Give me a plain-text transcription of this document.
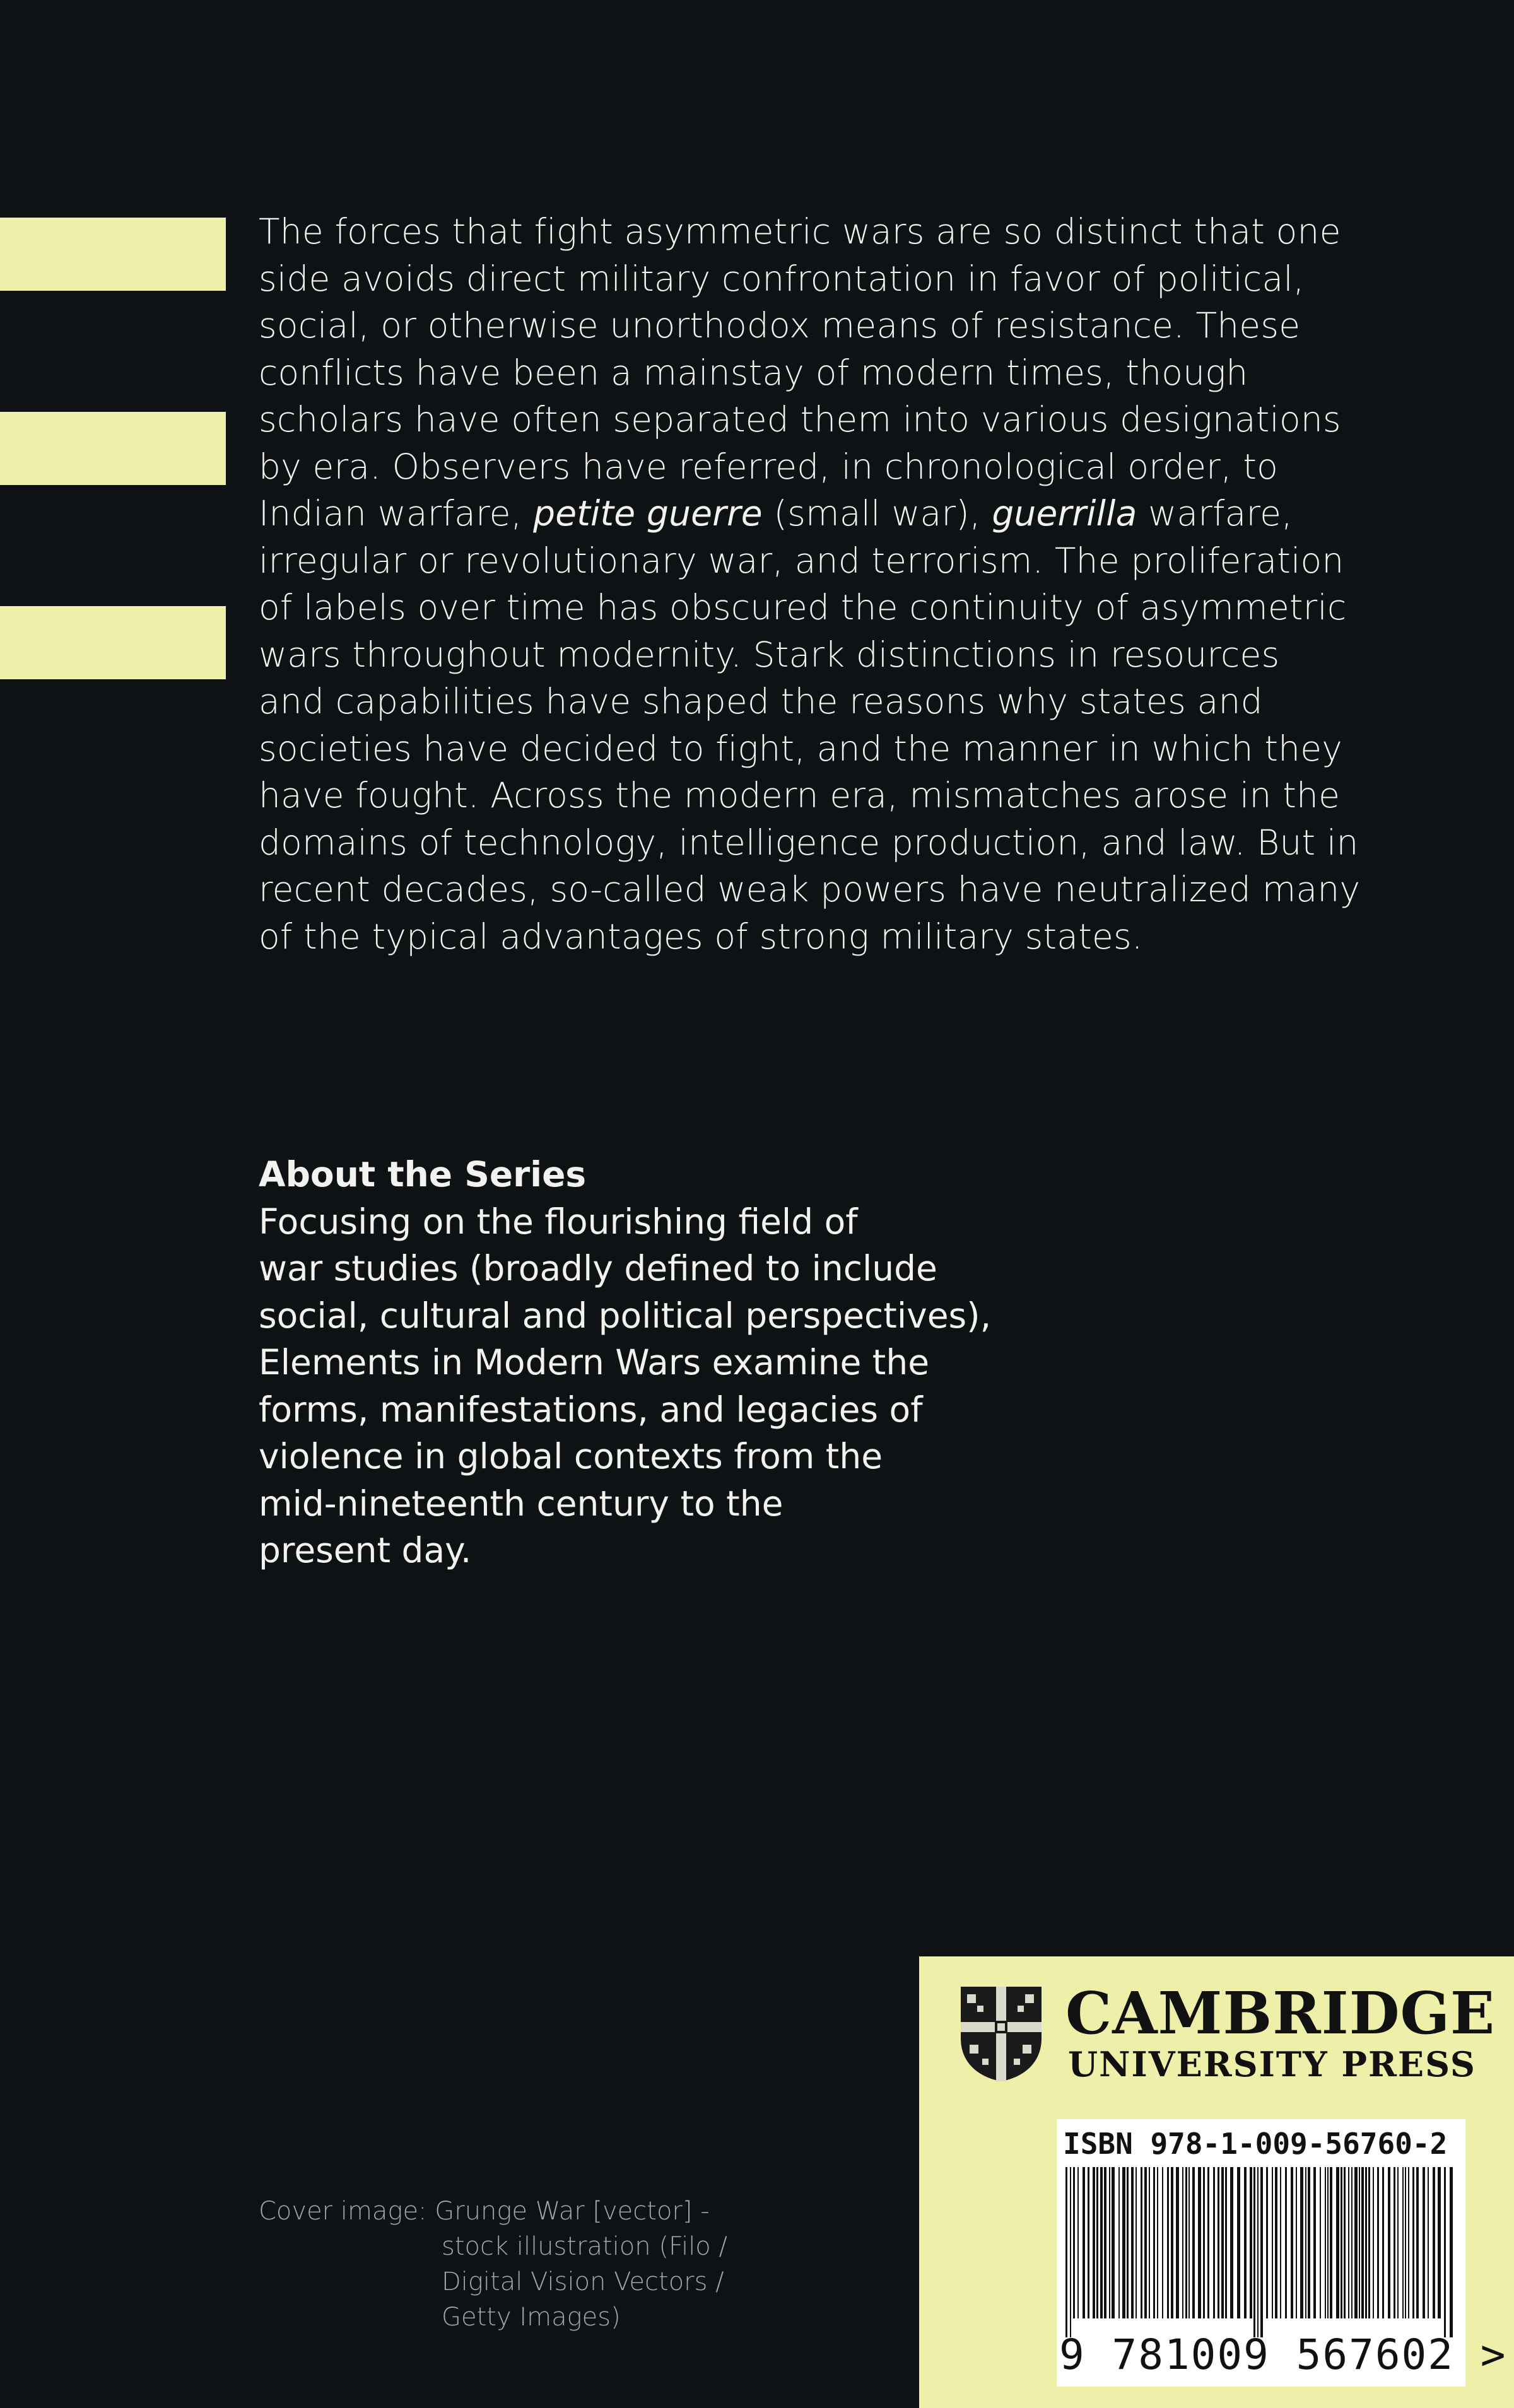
The forces that fight asymmetric wars are so distinct that one
side avoids direct military confrontation in favor of political,
social, or otherwise unorthodox means of resistance. These
conflicts have been a mainstay of modern times, though
scholars have often separated them into various designations
by era. Observers have referred, in chronological order, to
Indian warfare, petite guerre (small war), guerrilla warfare,
irregular or revolutionary war, and terrorism. The proliferation
of labels over time has obscured the continuity of asymmetric
wars throughout modernity. Stark distinctions in resources
and capabilities have shaped the reasons why states and
societies have decided to fight, and the manner in which they
have fought. Across the modern era, mismatches arose in the
domains of technology, intelligence production, and law. But in
recent decades, so-called weak powers have neutralized many
of the typical advantages of strong military states.
About the Series
Focusing on the flourishing field of
war studies (broadly defined to include
social, cultural and political perspectives),
Elements in Modern Wars examine the
forms, manifestations, and legacies of
violence in global contexts from the
mid-nineteenth century to the
present day.
Cover image: Grunge War [vector] -
stock illustration (Filo /
Digital Vision Vectors /
Getty Images)
CAMBRIDGE
UNIVERSITY PRESS
ISBN 978-1-009-56760-2
9 781009 567602 >
